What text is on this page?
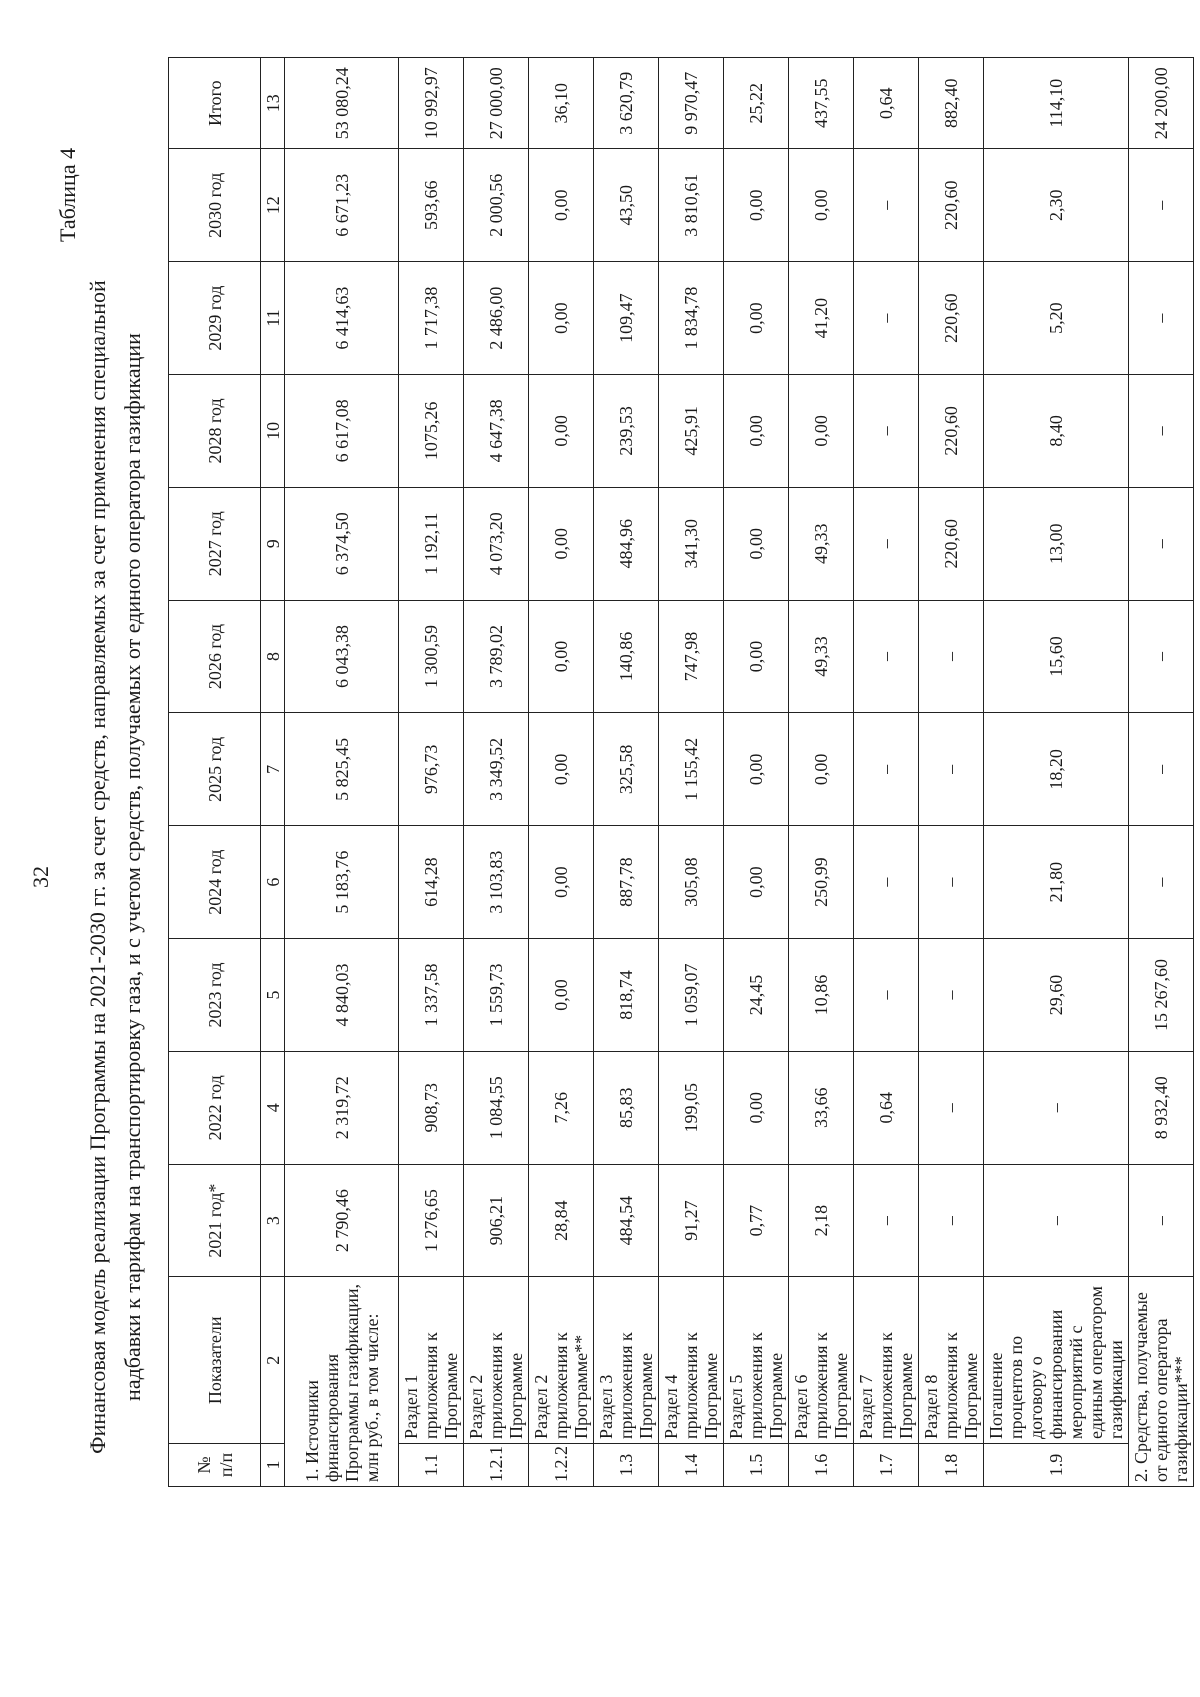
32
Таблица 4
Финансовая модель реализации Программы на 2021-2030 гг. за счет средств, направляемых за счет применения специальной надбавки к тарифам на транспортировку газа, и с учетом средств, получаемых от единого оператора газификации
№ п/п	Показатели	2021 год*	2022 год	2023 год	2024 год	2025 год	2026 год	2027 год	2028 год	2029 год	2030 год	Итого
1	2	3	4	5	6	7	8	9	10	11	12	13
1. Источники финансирования Программы газификации, млн руб., в том числе:		2 790,46	2 319,72	4 840,03	5 183,76	5 825,45	6 043,38	6 374,50	6 617,08	6 414,63	6 671,23	53 080,24
1.1	Раздел 1 приложения к Программе	1 276,65	908,73	1 337,58	614,28	976,73	1 300,59	1 192,11	1075,26	1 717,38	593,66	10 992,97
1.2.1	Раздел 2 приложения к Программе	906,21	1 084,55	1 559,73	3 103,83	3 349,52	3 789,02	4 073,20	4 647,38	2 486,00	2 000,56	27 000,00
1.2.2	Раздел 2 приложения к Программе**	28,84	7,26	0,00	0,00	0,00	0,00	0,00	0,00	0,00	0,00	36,10
1.3	Раздел 3 приложения к Программе	484,54	85,83	818,74	887,78	325,58	140,86	484,96	239,53	109,47	43,50	3 620,79
1.4	Раздел 4 приложения к Программе	91,27	199,05	1 059,07	305,08	1 155,42	747,98	341,30	425,91	1 834,78	3 810,61	9 970,47
1.5	Раздел 5 приложения к Программе	0,77	0,00	24,45	0,00	0,00	0,00	0,00	0,00	0,00	0,00	25,22
1.6	Раздел 6 приложения к Программе	2,18	33,66	10,86	250,99	0,00	49,33	49,33	0,00	41,20	0,00	437,55
1.7	Раздел 7 приложения к Программе	–	0,64	–	–	–	–	–	–	–	–	0,64
1.8	Раздел 8 приложения к Программе	–	–	–	–	–	–	220,60	220,60	220,60	220,60	882,40
1.9	Погашение процентов по договору о финансировании мероприятий с единым оператором газификации	–	–	29,60	21,80	18,20	15,60	13,00	8,40	5,20	2,30	114,10
2. Средства, получаемые от единого оператора газификации***		–	8 932,40	15 267,60	–	–	–	–	–	–	–	24 200,00
